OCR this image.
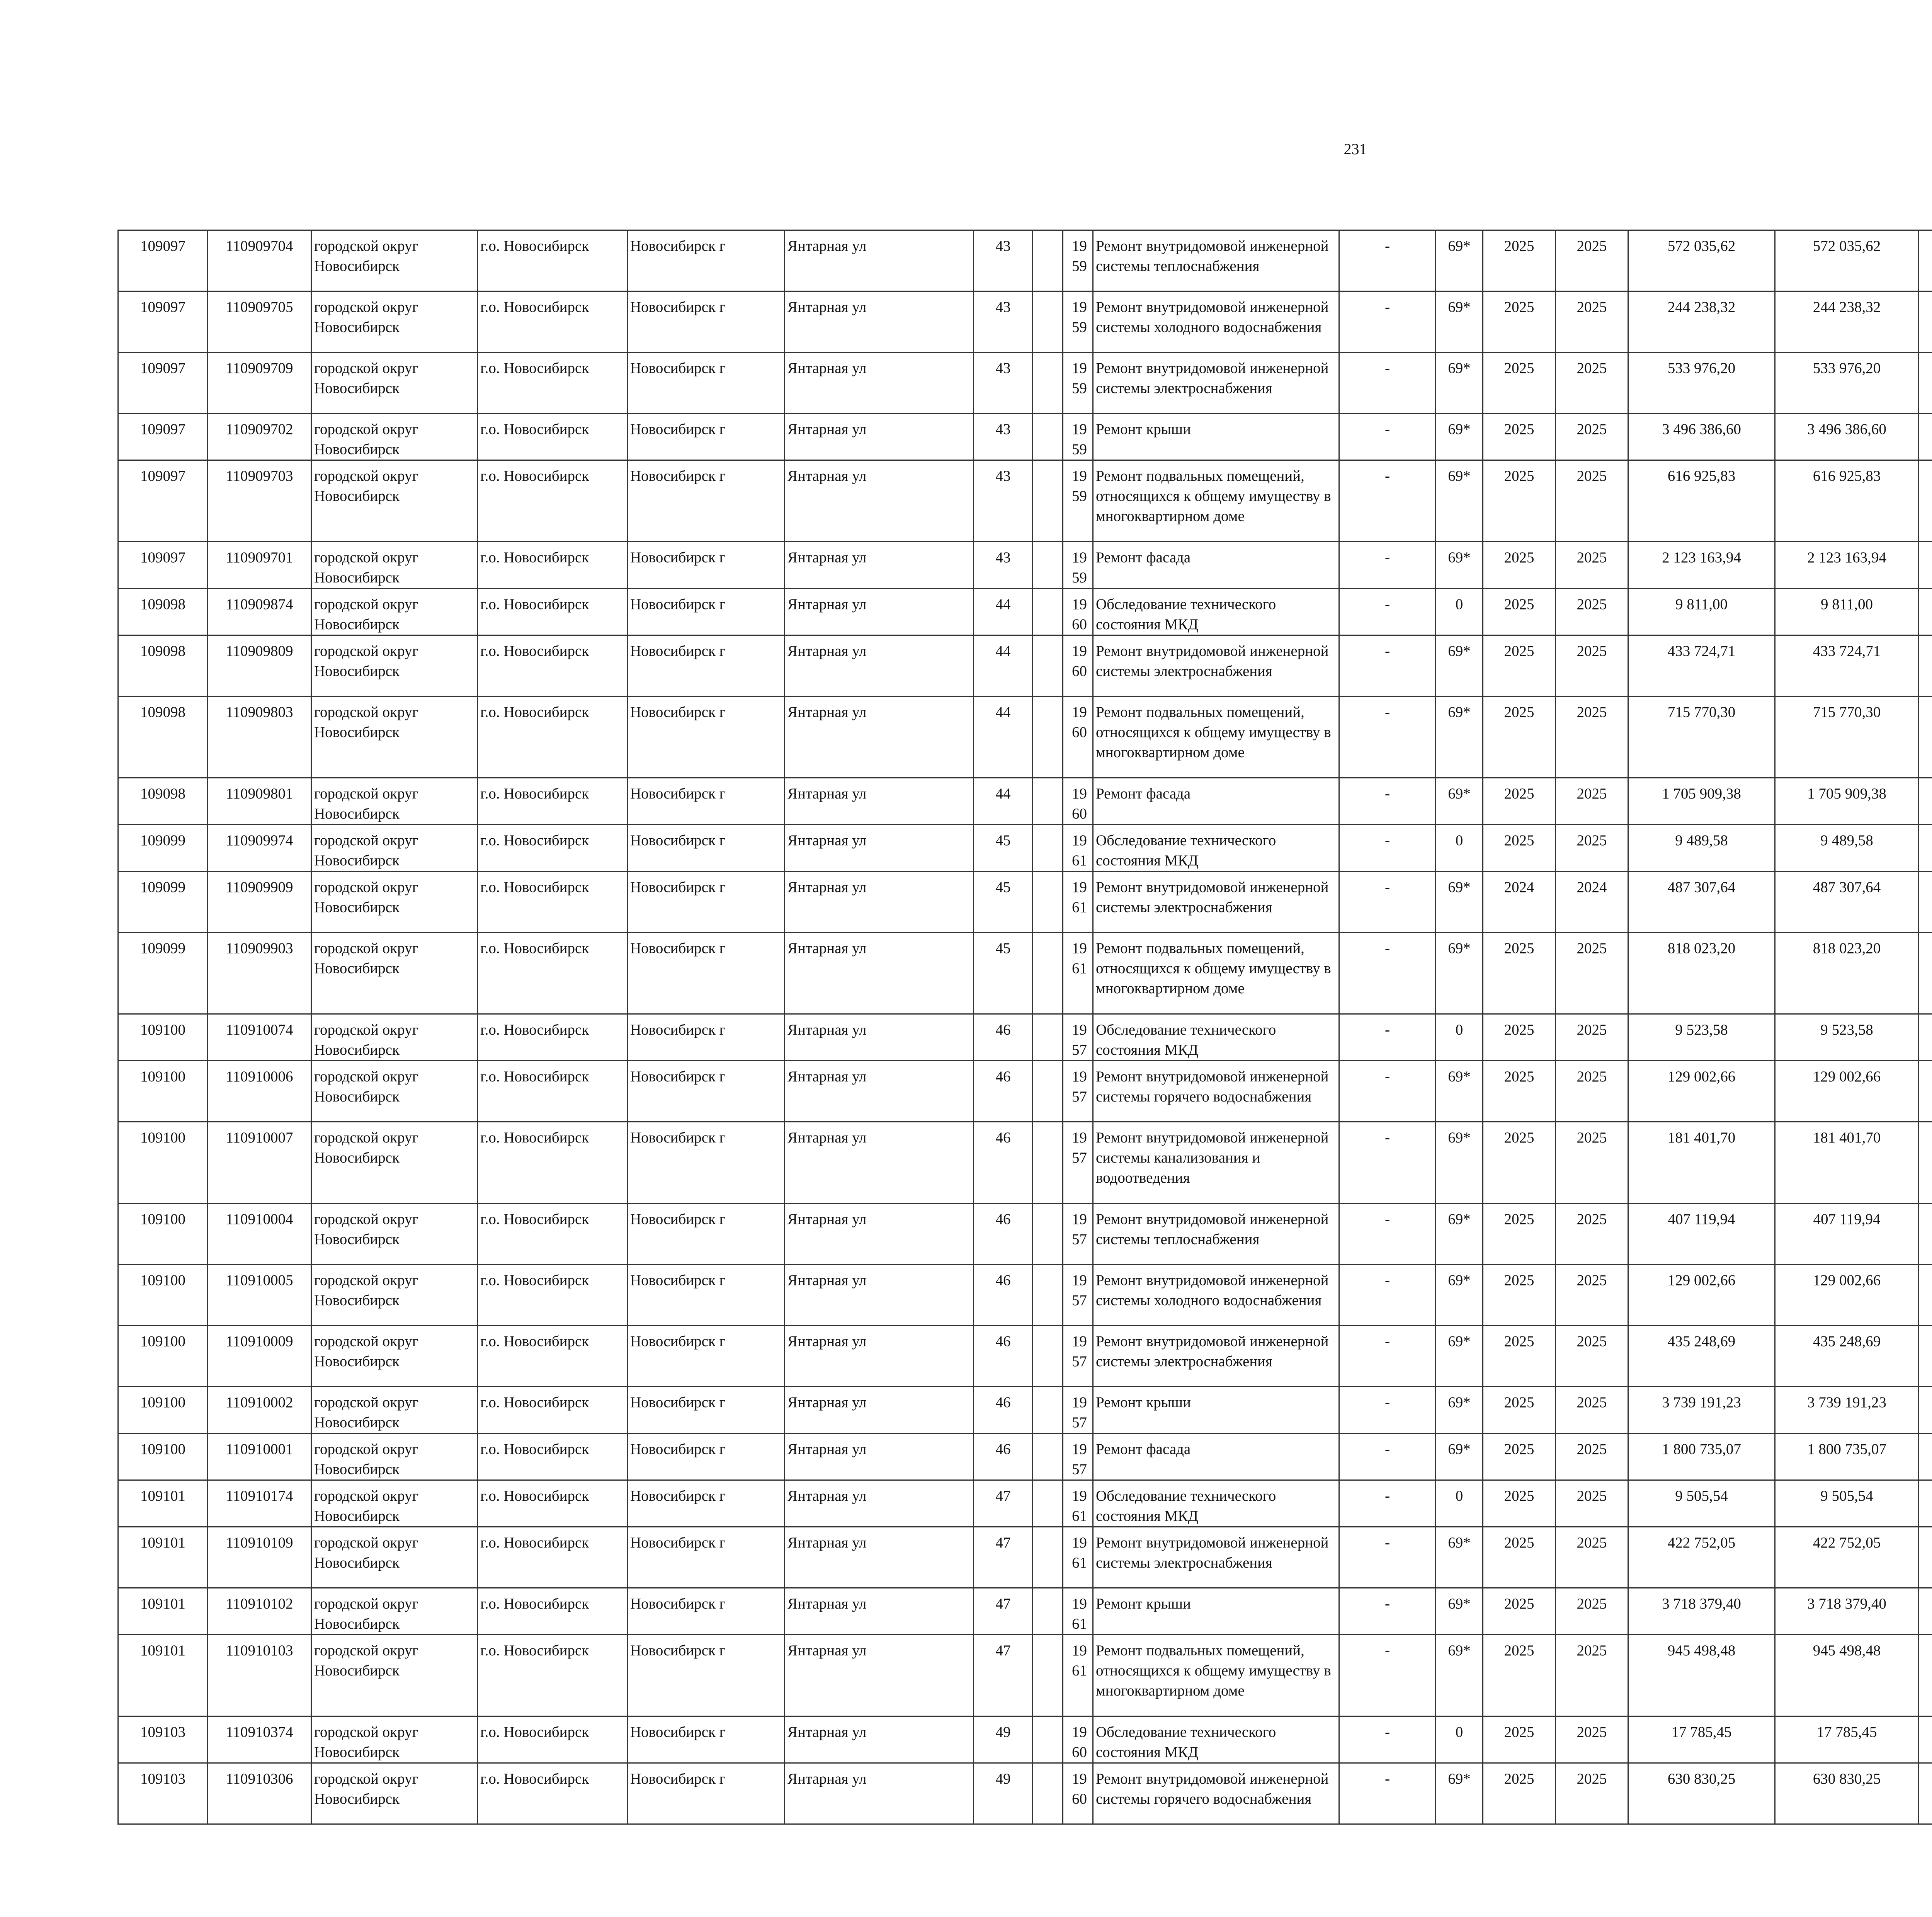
231
109097	110909704	городской округ Новосибирск	г.о. Новосибирск	Новосибирск г	Янтарная ул	43		1959	Ремонт внутридомовой инженерной системы теплоснабжения	-	69*	2025	2025	572 035,62	572 035,62						
109097	110909705	городской округ Новосибирск	г.о. Новосибирск	Новосибирск г	Янтарная ул	43		1959	Ремонт внутридомовой инженерной системы холодного водоснабжения	-	69*	2025	2025	244 238,32	244 238,32						
109097	110909709	городской округ Новосибирск	г.о. Новосибирск	Новосибирск г	Янтарная ул	43		1959	Ремонт внутридомовой инженерной системы электроснабжения	-	69*	2025	2025	533 976,20	533 976,20						
109097	110909702	городской округ Новосибирск	г.о. Новосибирск	Новосибирск г	Янтарная ул	43		1959	Ремонт крыши	-	69*	2025	2025	3 496 386,60	3 496 386,60						
109097	110909703	городской округ Новосибирск	г.о. Новосибирск	Новосибирск г	Янтарная ул	43		1959	Ремонт подвальных помещений, относящихся к общему имуществу в многоквартирном доме	-	69*	2025	2025	616 925,83	616 925,83						
109097	110909701	городской округ Новосибирск	г.о. Новосибирск	Новосибирск г	Янтарная ул	43		1959	Ремонт фасада	-	69*	2025	2025	2 123 163,94	2 123 163,94						
109098	110909874	городской округ Новосибирск	г.о. Новосибирск	Новосибирск г	Янтарная ул	44		1960	Обследование технического состояния МКД	-	0	2025	2025	9 811,00	9 811,00						
109098	110909809	городской округ Новосибирск	г.о. Новосибирск	Новосибирск г	Янтарная ул	44		1960	Ремонт внутридомовой инженерной системы электроснабжения	-	69*	2025	2025	433 724,71	433 724,71						
109098	110909803	городской округ Новосибирск	г.о. Новосибирск	Новосибирск г	Янтарная ул	44		1960	Ремонт подвальных помещений, относящихся к общему имуществу в многоквартирном доме	-	69*	2025	2025	715 770,30	715 770,30						
109098	110909801	городской округ Новосибирск	г.о. Новосибирск	Новосибирск г	Янтарная ул	44		1960	Ремонт фасада	-	69*	2025	2025	1 705 909,38	1 705 909,38						
109099	110909974	городской округ Новосибирск	г.о. Новосибирск	Новосибирск г	Янтарная ул	45		1961	Обследование технического состояния МКД	-	0	2025	2025	9 489,58	9 489,58						
109099	110909909	городской округ Новосибирск	г.о. Новосибирск	Новосибирск г	Янтарная ул	45		1961	Ремонт внутридомовой инженерной системы электроснабжения	-	69*	2024	2024	487 307,64	487 307,64						
109099	110909903	городской округ Новосибирск	г.о. Новосибирск	Новосибирск г	Янтарная ул	45		1961	Ремонт подвальных помещений, относящихся к общему имуществу в многоквартирном доме	-	69*	2025	2025	818 023,20	818 023,20						
109100	110910074	городской округ Новосибирск	г.о. Новосибирск	Новосибирск г	Янтарная ул	46		1957	Обследование технического состояния МКД	-	0	2025	2025	9 523,58	9 523,58						
109100	110910006	городской округ Новосибирск	г.о. Новосибирск	Новосибирск г	Янтарная ул	46		1957	Ремонт внутридомовой инженерной системы горячего водоснабжения	-	69*	2025	2025	129 002,66	129 002,66						
109100	110910007	городской округ Новосибирск	г.о. Новосибирск	Новосибирск г	Янтарная ул	46		1957	Ремонт внутридомовой инженерной системы канализования и водоотведения	-	69*	2025	2025	181 401,70	181 401,70						
109100	110910004	городской округ Новосибирск	г.о. Новосибирск	Новосибирск г	Янтарная ул	46		1957	Ремонт внутридомовой инженерной системы теплоснабжения	-	69*	2025	2025	407 119,94	407 119,94						
109100	110910005	городской округ Новосибирск	г.о. Новосибирск	Новосибирск г	Янтарная ул	46		1957	Ремонт внутридомовой инженерной системы холодного водоснабжения	-	69*	2025	2025	129 002,66	129 002,66						
109100	110910009	городской округ Новосибирск	г.о. Новосибирск	Новосибирск г	Янтарная ул	46		1957	Ремонт внутридомовой инженерной системы электроснабжения	-	69*	2025	2025	435 248,69	435 248,69						
109100	110910002	городской округ Новосибирск	г.о. Новосибирск	Новосибирск г	Янтарная ул	46		1957	Ремонт крыши	-	69*	2025	2025	3 739 191,23	3 739 191,23						
109100	110910001	городской округ Новосибирск	г.о. Новосибирск	Новосибирск г	Янтарная ул	46		1957	Ремонт фасада	-	69*	2025	2025	1 800 735,07	1 800 735,07						
109101	110910174	городской округ Новосибирск	г.о. Новосибирск	Новосибирск г	Янтарная ул	47		1961	Обследование технического состояния МКД	-	0	2025	2025	9 505,54	9 505,54						
109101	110910109	городской округ Новосибирск	г.о. Новосибирск	Новосибирск г	Янтарная ул	47		1961	Ремонт внутридомовой инженерной системы электроснабжения	-	69*	2025	2025	422 752,05	422 752,05						
109101	110910102	городской округ Новосибирск	г.о. Новосибирск	Новосибирск г	Янтарная ул	47		1961	Ремонт крыши	-	69*	2025	2025	3 718 379,40	3 718 379,40						
109101	110910103	городской округ Новосибирск	г.о. Новосибирск	Новосибирск г	Янтарная ул	47		1961	Ремонт подвальных помещений, относящихся к общему имуществу в многоквартирном доме	-	69*	2025	2025	945 498,48	945 498,48						
109103	110910374	городской округ Новосибирск	г.о. Новосибирск	Новосибирск г	Янтарная ул	49		1960	Обследование технического состояния МКД	-	0	2025	2025	17 785,45	17 785,45						
109103	110910306	городской округ Новосибирск	г.о. Новосибирск	Новосибирск г	Янтарная ул	49		1960	Ремонт внутридомовой инженерной системы горячего водоснабжения	-	69*	2025	2025	630 830,25	630 830,25						
